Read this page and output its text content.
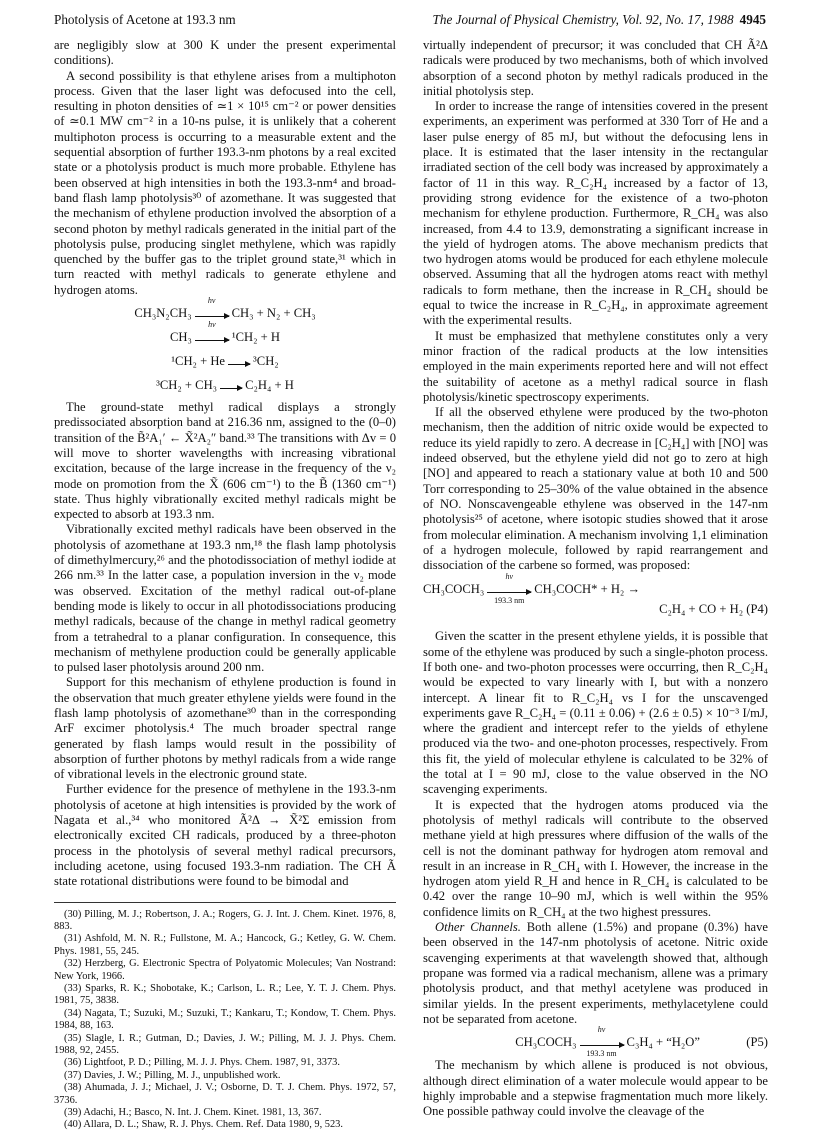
Photolysis of Acetone at 193.3 nm	The Journal of Physical Chemistry, Vol. 92, No. 17, 1988 4945

are negligibly slow at 300 K under the present experimental conditions).

A second possibility is that ethylene arises from a multiphoton process. Given that the laser light was defocused into the cell, resulting in photon densities of ≃1 × 10¹⁵ cm⁻² or power densities of ≃0.1 MW cm⁻² in a 10-ns pulse, it is unlikely that a coherent multiphoton process is occurring to a measurable extent and the sequential absorption of further 193.3-nm photons by a real excited state or a photolysis product is much more probable. Ethylene has been observed at high intensities in both the 193.3-nm⁴ and broad-band flash lamp photolysis³⁰ of azomethane. It was suggested that the mechanism of ethylene production involved the absorption of a second photon by methyl radicals generated in the initial part of the photolysis pulse, producing singlet methylene, which was rapidly quenched by the buffer gas to the triplet ground state,³¹ which in turn reacted with methyl radicals to generate ethylene and hydrogen atoms.

CH₃N₂CH₃
hν
CH₃ + N₂ + CH₃
CH₃
hν
¹CH₂ + H
¹CH₂ + He → ³CH₂
³CH₂ + CH₃ → C₂H₄ + H

The ground-state methyl radical displays a strongly predissociated absorption band at 216.36 nm, assigned to the (0–0) transition of the B̃²A₁′ ← X̃²A₂″ band.³³ The transitions with Δv = 0 will move to shorter wavelengths with increasing vibrational excitation, because of the large increase in the frequency of the ν₂ mode on promotion from the X̃ (606 cm⁻¹) to the B̃ (1360 cm⁻¹) state. Thus highly vibrationally excited methyl radicals might be expected to absorb at 193.3 nm.

Vibrationally excited methyl radicals have been observed in the photolysis of azomethane at 193.3 nm,¹⁸ the flash lamp photolysis of dimethylmercury,²⁶ and the photodissociation of methyl iodide at 266 nm.³³ In the latter case, a population inversion in the ν₂ mode was observed. Excitation of the methyl radical out-of-plane bending mode is likely to occur in all photodissociations producing methyl radicals, because of the change in methyl radical geometry from a tetrahedral to a planar configuration. In consequence, this mechanism of methylene production could be generally applicable to pulsed laser photolysis around 200 nm.

Support for this mechanism of ethylene production is found in the observation that much greater ethylene yields were found in the flash lamp photolysis of azomethane³⁰ than in the corresponding ArF excimer photolysis.⁴ The much broader spectral range generated by flash lamps would result in the possibility of absorption of further photons by methyl radicals from a wide range of vibrational levels in the electronic ground state.

Further evidence for the presence of methylene in the 193.3-nm photolysis of acetone at high intensities is provided by the work of Nagata et al.,³⁴ who monitored Ã²Δ → X̃²Σ emission from electronically excited CH radicals, produced by a three-photon process in the photolysis of several methyl radical precursors, including acetone, using focused 193.3-nm radiation. The CH Ã state rotational distributions were found to be bimodal and

(30) Pilling, M. J.; Robertson, J. A.; Rogers, G. J. Int. J. Chem. Kinet. 1976, 8, 883.
(31) Ashfold, M. N. R.; Fullstone, M. A.; Hancock, G.; Ketley, G. W. Chem. Phys. 1981, 55, 245.
(32) Herzberg, G. Electronic Spectra of Polyatomic Molecules; Van Nostrand: New York, 1966.
(33) Sparks, R. K.; Shobotake, K.; Carlson, L. R.; Lee, Y. T. J. Chem. Phys. 1981, 75, 3838.
(34) Nagata, T.; Suzuki, M.; Suzuki, T.; Kankaru, T.; Kondow, T. Chem. Phys. 1984, 88, 163.
(35) Slagle, I. R.; Gutman, D.; Davies, J. W.; Pilling, M. J. J. Phys. Chem. 1988, 92, 2455.
(36) Lightfoot, P. D.; Pilling, M. J. J. Phys. Chem. 1987, 91, 3373.
(37) Davies, J. W.; Pilling, M. J., unpublished work.
(38) Ahumada, J. J.; Michael, J. V.; Osborne, D. T. J. Chem. Phys. 1972, 57, 3736.
(39) Adachi, H.; Basco, N. Int. J. Chem. Kinet. 1981, 13, 367.
(40) Allara, D. L.; Shaw, R. J. Phys. Chem. Ref. Data 1980, 9, 523.

virtually independent of precursor; it was concluded that CH Ã²Δ radicals were produced by two mechanisms, both of which involved absorption of a second photon by methyl radicals produced in the initial photolysis step.

In order to increase the range of intensities covered in the present experiments, an experiment was performed at 330 Torr of He and a laser pulse energy of 85 mJ, but without the defocusing lens in place. It is estimated that the laser intensity in the rectangular irradiated section of the cell body was increased by approximately a factor of 11 in this way. R_C₂H₄ increased by a factor of 13, providing strong evidence for the existence of a two-photon mechanism for ethylene production. Furthermore, R_CH₄ was also increased, from 4.4 to 13.9, demonstrating a significant increase in the yield of hydrogen atoms. The above mechanism predicts that two hydrogen atoms would be produced for each ethylene molecule observed. Assuming that all the hydrogen atoms react with methyl radicals to form methane, then the increase in R_CH₄ should be equal to twice the increase in R_C₂H₄, in approximate agreement with the experimental results.

It must be emphasized that methylene constitutes only a very minor fraction of the radical products at the low intensities employed in the main experiments reported here and will not effect the suitability of acetone as a methyl radical source in flash photolysis/kinetic spectroscopy experiments.

If all the observed ethylene were produced by the two-photon mechanism, then the addition of nitric oxide would be expected to reduce its yield rapidly to zero. A decrease in [C₂H₄] with [NO] was indeed observed, but the ethylene yield did not go to zero at high [NO] and appeared to reach a stationary value at both 10 and 500 Torr corresponding to 25–30% of the value obtained in the absence of NO. Nonscavengeable ethylene was observed in the 147-nm photolysis²⁵ of acetone, where isotopic studies showed that it arose from molecular elimination. A mechanism involving 1,1 elimination of a hydrogen molecule, followed by rapid rearrangement and dissociation of the carbene so formed, was proposed:

CH₃COCH₃ $\frac{h\nu}{193.3 nm}$ CH₃COCH* + H₂ →
C₂H₄ + CO + H₂ (P4)

Given the scatter in the present ethylene yields, it is possible that some of the ethylene was produced by such a single-photon process. If both one- and two-photon processes were occurring, then R_C₂H₄ would be expected to vary linearly with I, but with a nonzero intercept. A linear fit to R_C₂H₄ vs I for the unscavenged experiments gave R_C₂H₄ = (0.11 ± 0.06) + (2.6 ± 0.5) × 10⁻³ I/mJ, where the gradient and intercept refer to the yields of ethylene produced via the two- and one-photon processes, respectively. From this fit, the yield of molecular ethylene is calculated to be 32% of the total at I = 90 mJ, close to the value observed in the NO scavenging experiments.

It is expected that the hydrogen atoms produced via the photolysis of methyl radicals will contribute to the observed methane yield at high pressures where diffusion of the walls of the cell is not the dominant pathway for hydrogen atom removal and result in an increase in R_CH₄ with I. However, the increase in the hydrogen atom yield R_H and hence in R_CH₄ is calculated to be 0.42 over the range 10–90 mJ, which is well within the 95% confidence limits on R_CH₄ at the two highest pressures.

Other Channels. Both allene (1.5%) and propane (0.3%) have been observed in the 147-nm photolysis of acetone. Nitric oxide scavenging experiments at that wavelength showed that, although propane was formed via a radical mechanism, allene was a primary photolysis product, and that methyl acetylene was produced in similar yields. In the present experiments, methylacetylene could not be separated from acetone.

CH₃COCH₃ $\frac{h\nu}{193.3 nm} C_3H_4$ + “H₂O”	(P5)

The mechanism by which allene is produced is not obvious, although direct elimination of a water molecule would appear to be highly improbable and a stepwise fragmentation much more likely. One possible pathway could involve the cleavage of the
